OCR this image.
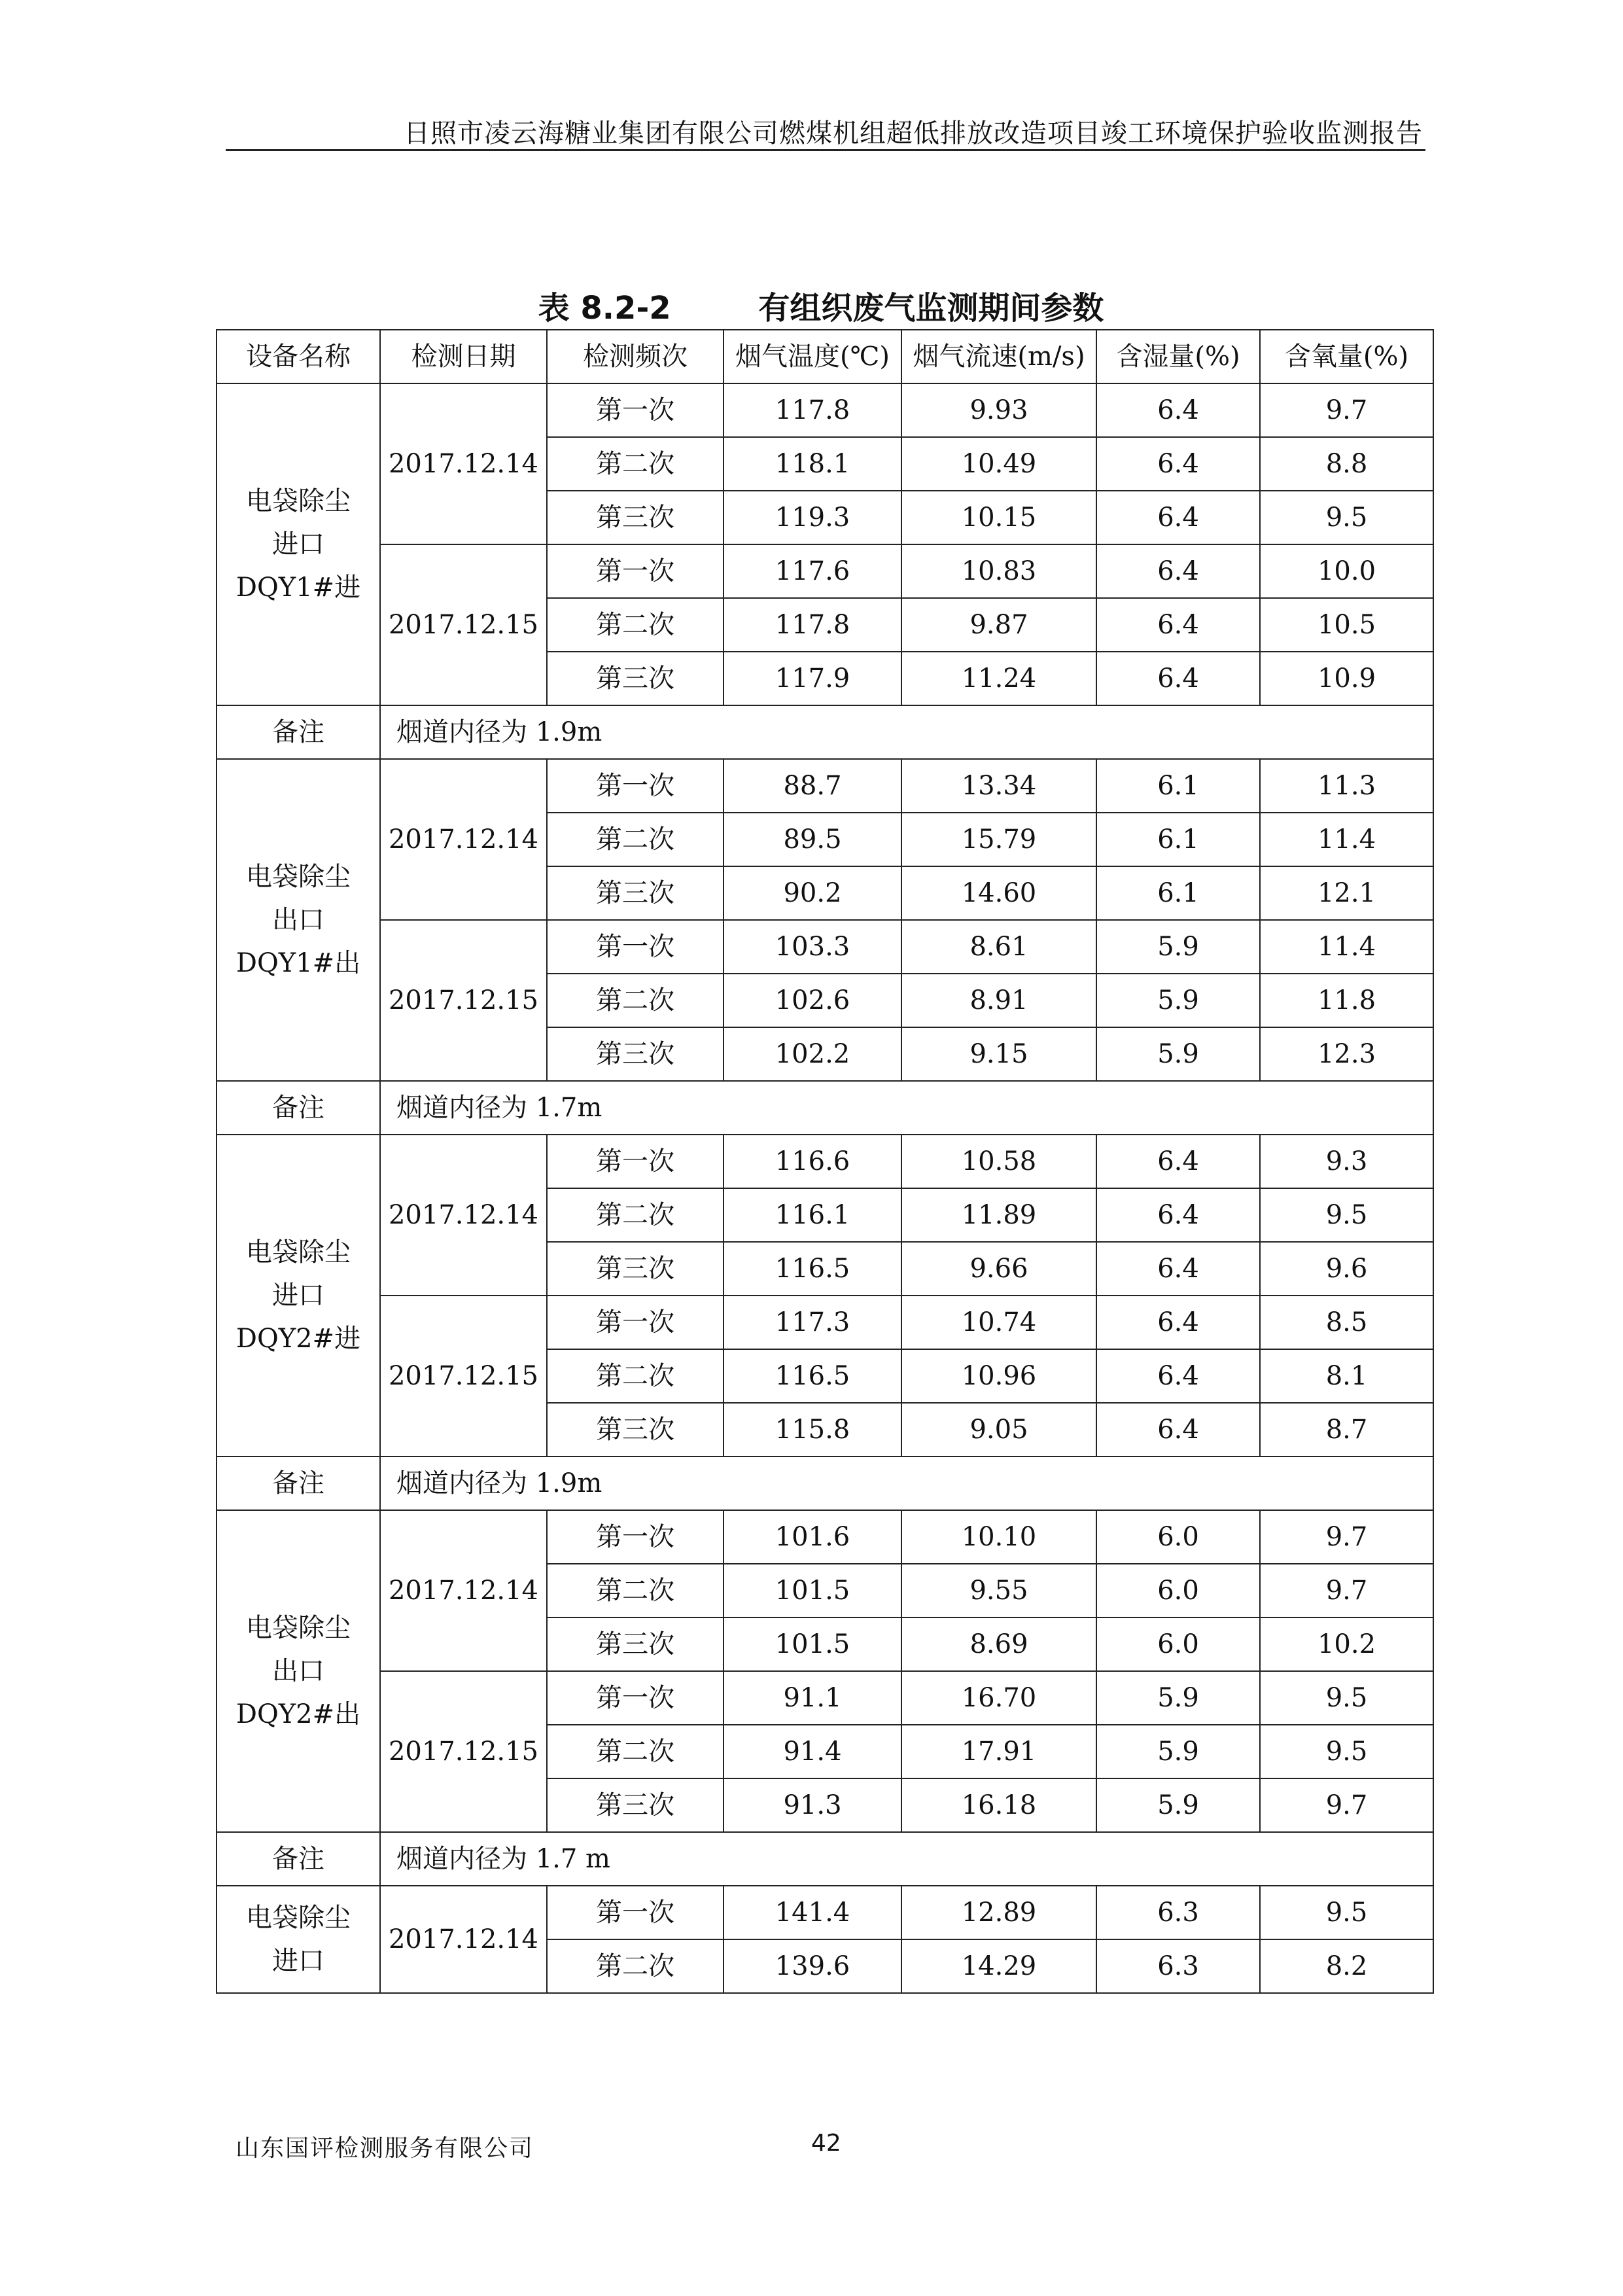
日照市凌云海糖业集团有限公司燃煤机组超低排放改造项目竣工环境保护验收监测报告
表 8.2-2        有组织废气监测期间参数
设备名称	检测日期	检测频次	烟气温度(℃)	烟气流速(m/s)	含湿量(%)	含氧量(%)

电袋除尘
进口
DQY1#进	2017.12.14	第一次	117.8	9.93	6.4	9.7
		第二次	118.1	10.49	6.4	8.8
		第三次	119.3	10.15	6.4	9.5
	2017.12.15	第一次	117.6	10.83	6.4	10.0
		第二次	117.8	9.87	6.4	10.5
		第三次	117.9	11.24	6.4	10.9
备注	烟道内径为 1.9m					

电袋除尘
出口
DQY1#出	2017.12.14	第一次	88.7	13.34	6.1	11.3
		第二次	89.5	15.79	6.1	11.4
		第三次	90.2	14.60	6.1	12.1
	2017.12.15	第一次	103.3	8.61	5.9	11.4
		第二次	102.6	8.91	5.9	11.8
		第三次	102.2	9.15	5.9	12.3
备注	烟道内径为 1.7m					

电袋除尘
进口
DQY2#进	2017.12.14	第一次	116.6	10.58	6.4	9.3
		第二次	116.1	11.89	6.4	9.5
		第三次	116.5	9.66	6.4	9.6
	2017.12.15	第一次	117.3	10.74	6.4	8.5
		第二次	116.5	10.96	6.4	8.1
		第三次	115.8	9.05	6.4	8.7
备注	烟道内径为 1.9m					

电袋除尘
出口
DQY2#出	2017.12.14	第一次	101.6	10.10	6.0	9.7
		第二次	101.5	9.55	6.0	9.7
		第三次	101.5	8.69	6.0	10.2
	2017.12.15	第一次	91.1	16.70	5.9	9.5
		第二次	91.4	17.91	5.9	9.5
		第三次	91.3	16.18	5.9	9.7
备注	烟道内径为 1.7 m					

电袋除尘
进口	2017.12.14	第一次	141.4	12.89	6.3	9.5
		第二次	139.6	14.29	6.3	8.2
山东国评检测服务有限公司	42
